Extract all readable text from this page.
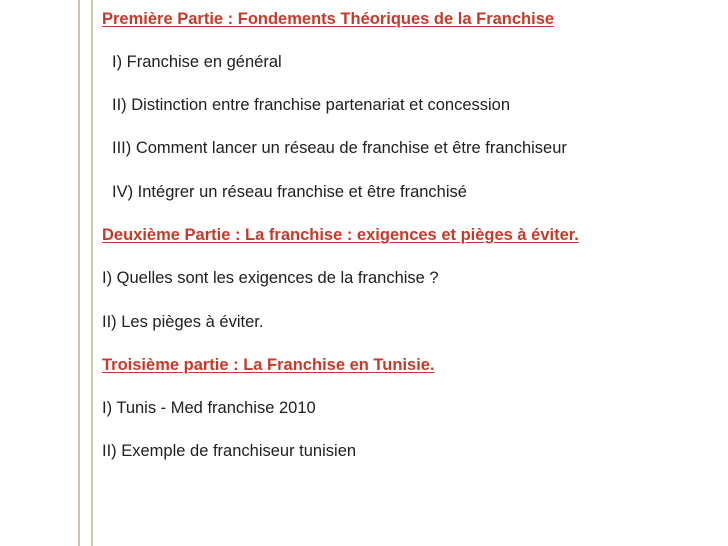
Première Partie : Fondements Théoriques de la Franchise
I) Franchise en général
II) Distinction entre franchise partenariat et concession
III) Comment lancer un réseau de franchise et être franchiseur
IV) Intégrer un réseau franchise et être franchisé
Deuxième Partie : La franchise : exigences et pièges à éviter.
I) Quelles sont les exigences de la franchise ?
II) Les pièges à éviter.
Troisième partie : La Franchise en Tunisie.
I) Tunis - Med franchise 2010
II) Exemple de franchiseur tunisien
